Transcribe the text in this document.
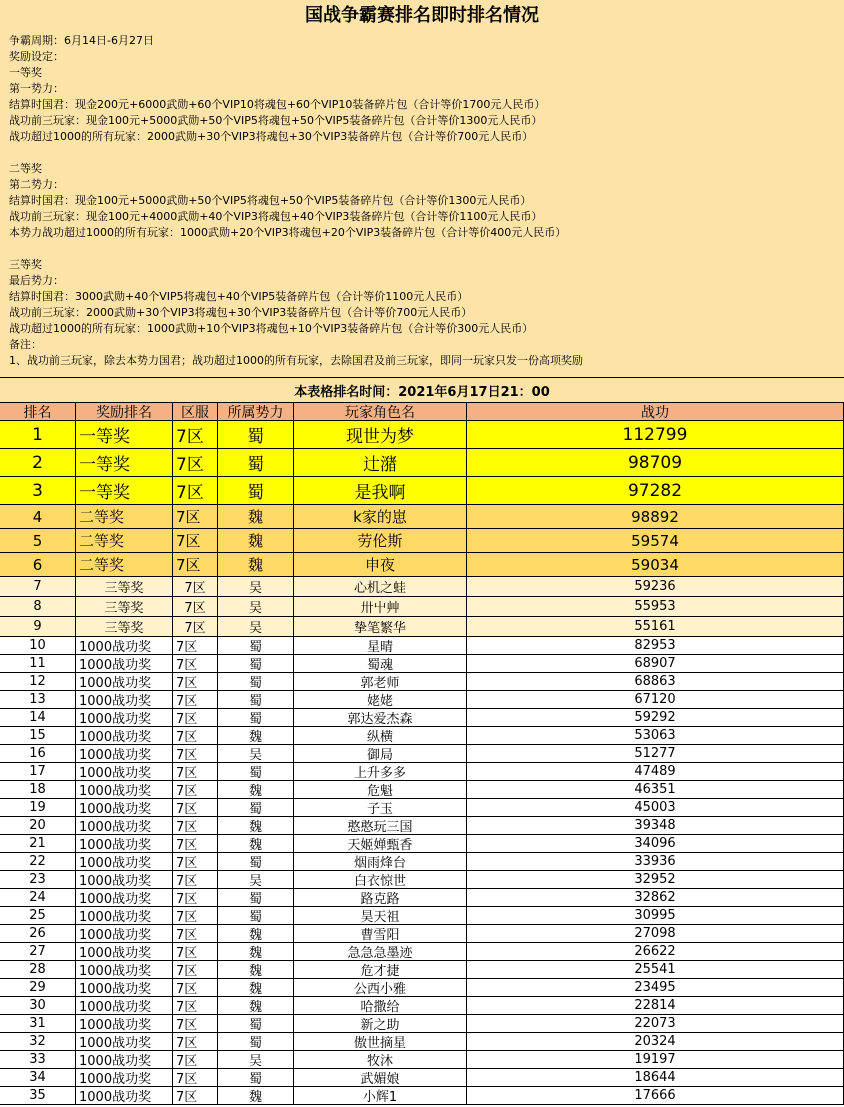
国战争霸赛排名即时排名情况
争霸周期：6月14日-6月27日
奖励设定：
一等奖
第一势力：
结算时国君：现金200元+6000武勋+60个VIP10将魂包+60个VIP10装备碎片包（合计等价1700元人民币）
战功前三玩家：现金100元+5000武勋+50个VIP5将魂包+50个VIP5装备碎片包（合计等价1300元人民币）
战功超过1000的所有玩家：2000武勋+30个VIP3将魂包+30个VIP3装备碎片包（合计等价700元人民币）
二等奖
第二势力：
结算时国君：现金100元+5000武勋+50个VIP5将魂包+50个VIP5装备碎片包（合计等价1300元人民币）
战功前三玩家：现金100元+4000武勋+40个VIP3将魂包+40个VIP3装备碎片包（合计等价1100元人民币）
本势力战功超过1000的所有玩家：1000武勋+20个VIP3将魂包+20个VIP3装备碎片包（合计等价400元人民币）
三等奖
最后势力：
结算时国君：3000武勋+40个VIP5将魂包+40个VIP5装备碎片包（合计等价1100元人民币）
战功前三玩家：2000武勋+30个VIP3将魂包+30个VIP3装备碎片包（合计等价700元人民币）
战功超过1000的所有玩家：1000武勋+10个VIP3将魂包+10个VIP3装备碎片包（合计等价300元人民币）
备注：
1、战功前三玩家，除去本势力国君；战功超过1000的所有玩家，去除国君及前三玩家，即同一玩家只发一份高项奖励
本表格排名时间：2021年6月17日21：00
排名	奖励排名	区服	所属势力	玩家角色名	战功
1	一等奖	7区	蜀	现世为梦	112799
2	一等奖	7区	蜀	辻潴	98709
3	一等奖	7区	蜀	是我啊	97282
4	二等奖	7区	魏	k家的崽	98892
5	二等奖	7区	魏	劳伦斯	59574
6	二等奖	7区	魏	申夜	59034
7	三等奖	7区	吴	心机之蛙	59236
8	三等奖	7区	吴	卅屮艸	55953
9	三等奖	7区	吴	挚笔繁华	55161
10	1000战功奖	7区	蜀	星晴	82953
11	1000战功奖	7区	蜀	蜀魂	68907
12	1000战功奖	7区	蜀	郭老师	68863
13	1000战功奖	7区	蜀	姥姥	67120
14	1000战功奖	7区	蜀	郭达爱杰森	59292
15	1000战功奖	7区	魏	纵横	53063
16	1000战功奖	7区	吴	御局	51277
17	1000战功奖	7区	蜀	上升多多	47489
18	1000战功奖	7区	魏	危魁	46351
19	1000战功奖	7区	蜀	子玉	45003
20	1000战功奖	7区	魏	憨憨玩三国	39348
21	1000战功奖	7区	魏	天姬婵甄香	34096
22	1000战功奖	7区	蜀	烟雨烽台	33936
23	1000战功奖	7区	吴	白衣惊世	32952
24	1000战功奖	7区	蜀	路克路	32862
25	1000战功奖	7区	蜀	昊天祖	30995
26	1000战功奖	7区	魏	曹雪阳	27098
27	1000战功奖	7区	魏	急急急墨迹	26622
28	1000战功奖	7区	魏	危才捷	25541
29	1000战功奖	7区	魏	公西小雅	23495
30	1000战功奖	7区	魏	哈撒给	22814
31	1000战功奖	7区	蜀	新之助	22073
32	1000战功奖	7区	蜀	傲世摘星	20324
33	1000战功奖	7区	吴	牧沐	19197
34	1000战功奖	7区	蜀	武媚娘	18644
35	1000战功奖	7区	魏	小辉1	17666
